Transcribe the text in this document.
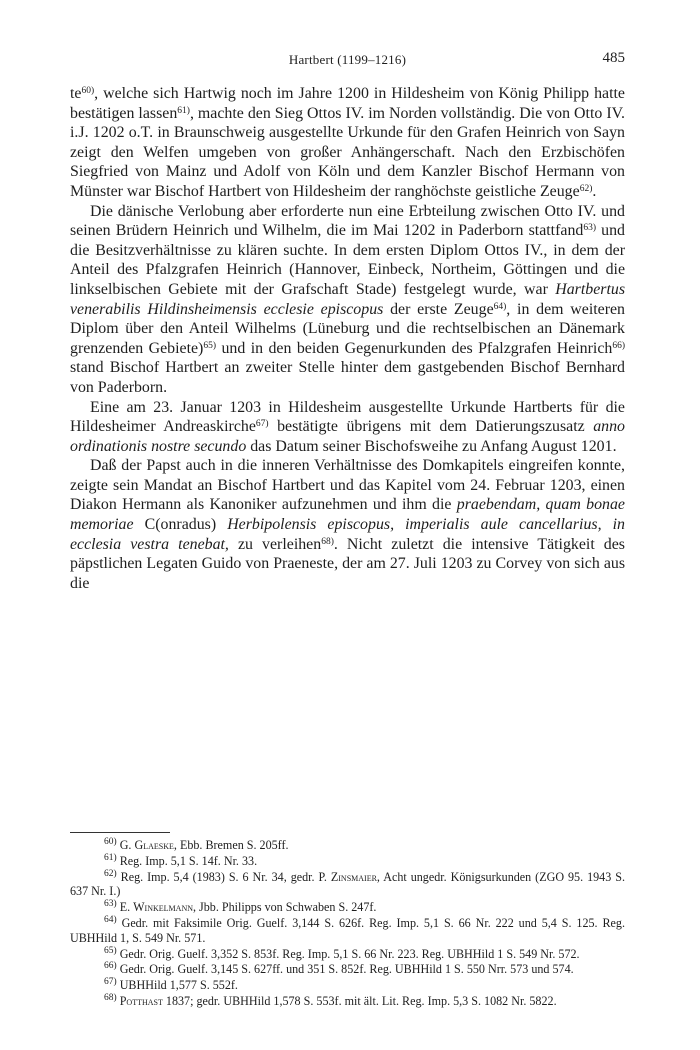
Hartbert (1199–1216)	485

$te^{60)}$, welche sich Hartwig noch im Jahre 1200 in Hildesheim von König Philipp hatte bestätigen lassen$^{61)}$, machte den Sieg Ottos IV. im Norden vollständig. Die von Otto IV. i.J. 1202 o.T. in Braunschweig ausgestellte Urkunde für den Grafen Heinrich von Sayn zeigt den Welfen umgeben von großer Anhängerschaft. Nach den Erzbischöfen Siegfried von Mainz und Adolf von Köln und dem Kanzler Bischof Hermann von Münster war Bischof Hartbert von Hildesheim der ranghöchste geistliche Zeuge$^{62)}$.

Die dänische Verlobung aber erforderte nun eine Erbteilung zwischen Otto IV. und seinen Brüdern Heinrich und Wilhelm, die im Mai 1202 in Paderborn stattfand$^{63)}$ und die Besitzverhältnisse zu klären suchte. In dem ersten Diplom Ottos IV., in dem der Anteil des Pfalzgrafen Heinrich (Hannover, Einbeck, Northeim, Göttingen und die linkselbischen Gebiete mit der Grafschaft Stade) festgelegt wurde, war Hartbertus venerabilis Hildinsheimensis ecclesie episcopus der erste Zeuge$^{64)}$, in dem weiteren Diplom über den Anteil Wilhelms (Lüneburg und die rechtselbischen an Dänemark grenzenden Gebiete)$^{65)}$ und in den beiden Gegenurkunden des Pfalzgrafen Heinrich$^{66)}$ stand Bischof Hartbert an zweiter Stelle hinter dem gastgebenden Bischof Bernhard von Paderborn.

Eine am 23. Januar 1203 in Hildesheim ausgestellte Urkunde Hartberts für die Hildesheimer Andreaskirche$^{67)}$ bestätigte übrigens mit dem Datierungszusatz anno ordinationis nostre secundo das Datum seiner Bischofsweihe zu Anfang August 1201.

Daß der Papst auch in die inneren Verhältnisse des Domkapitels eingreifen konnte, zeigte sein Mandat an Bischof Hartbert und das Kapitel vom 24. Februar 1203, einen Diakon Hermann als Kanoniker aufzunehmen und ihm die praebendam, quam bonae memoriae C(onradus) Herbipolensis episcopus, imperialis aule cancellarius, in ecclesia vestra tenebat, zu verleihen$^{68)}$. Nicht zuletzt die intensive Tätigkeit des päpstlichen Legaten Guido von Praeneste, der am 27. Juli 1203 zu Corvey von sich aus die

$^{60)}$ G. Glaeske, Ebb. Bremen S. 205ff.

$^{61)}$ Reg. Imp. 5,1 S. 14f. Nr. 33.

$^{62)}$ Reg. Imp. 5,4 (1983) S. 6 Nr. 34, gedr. P. Zinsmaier, Acht ungedr. Königsurkunden (ZGO 95. 1943 S. 637 Nr. I.)

$^{63)}$ E. Winkelmann, Jbb. Philipps von Schwaben S. 247f.

$^{64)}$ Gedr. mit Faksimile Orig. Guelf. 3,144 S. 626f. Reg. Imp. 5,1 S. 66 Nr. 222 und 5,4 S. 125. Reg. UBHHild 1, S. 549 Nr. 571.

$^{65)}$ Gedr. Orig. Guelf. 3,352 S. 853f. Reg. Imp. 5,1 S. 66 Nr. 223. Reg. UBHHild 1 S. 549 Nr. 572.

$^{66)}$ Gedr. Orig. Guelf. 3,145 S. 627ff. und 351 S. 852f. Reg. UBHHild 1 S. 550 Nrr. 573 und 574.

$^{67)}$ UBHHild 1,577 S. 552f.

$^{68)}$ Potthast 1837; gedr. UBHHild 1,578 S. 553f. mit ält. Lit. Reg. Imp. 5,3 S. 1082 Nr. 5822.
